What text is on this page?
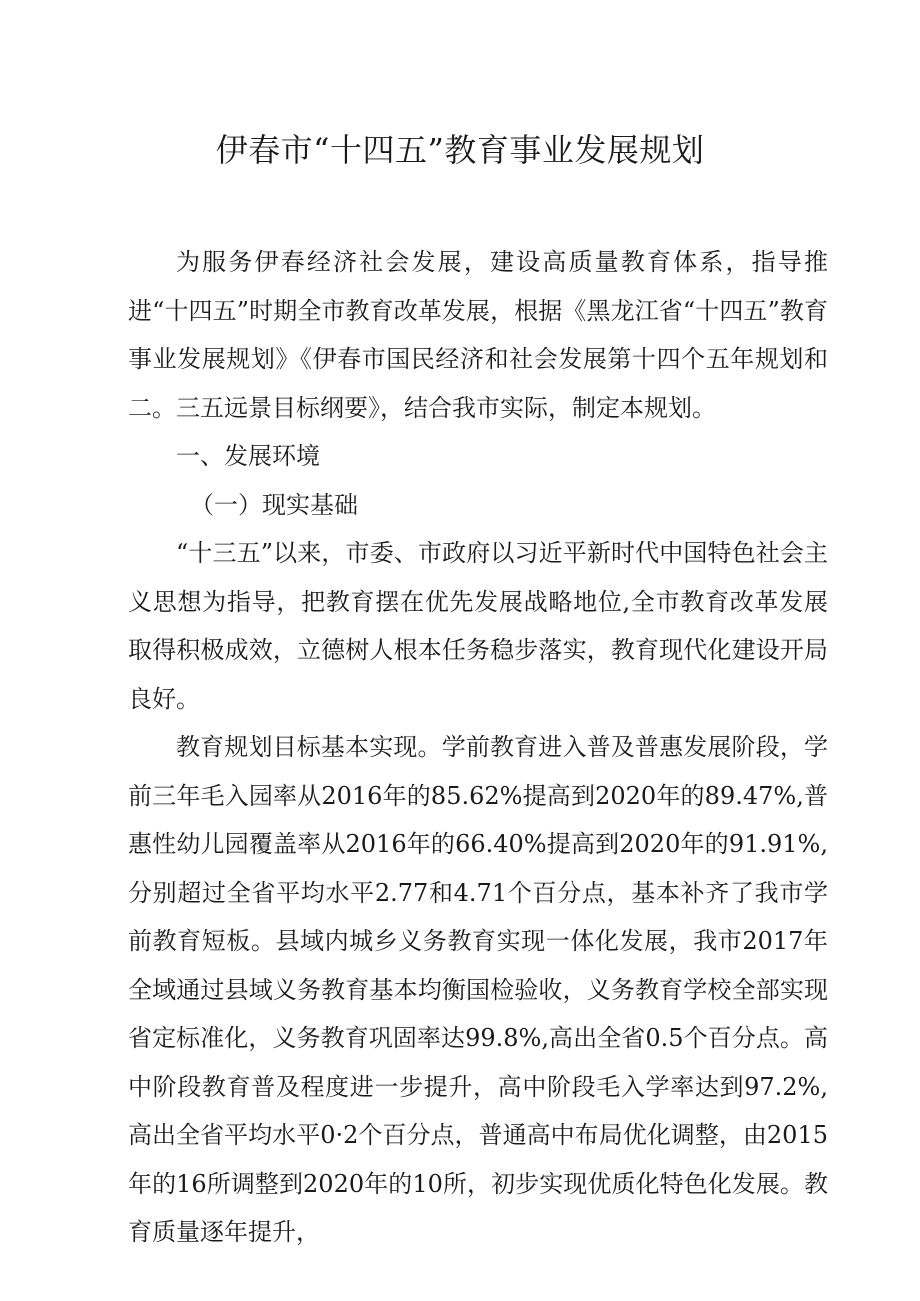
伊春市“十四五”教育事业发展规划

为服务伊春经济社会发展，建设高质量教育体系，指导推进“十四五”时期全市教育改革发展，根据《黑龙江省“十四五”教育事业发展规划》《伊春市国民经济和社会发展第十四个五年规划和二。三五远景目标纲要》，结合我市实际，制定本规划。

一、发展环境

（一）现实基础

“十三五”以来，市委、市政府以习近平新时代中国特色社会主义思想为指导，把教育摆在优先发展战略地位,全市教育改革发展取得积极成效，立德树人根本任务稳步落实，教育现代化建设开局良好。

教育规划目标基本实现。学前教育进入普及普惠发展阶段，学前三年毛入园率从2016年的85.62%提高到2020年的89.47%,普惠性幼儿园覆盖率从2016年的66.40%提高到2020年的91.91%,分别超过全省平均水平2.77和4.71个百分点，基本补齐了我市学前教育短板。县域内城乡义务教育实现一体化发展，我市2017年全域通过县域义务教育基本均衡国检验收，义务教育学校全部实现省定标准化，义务教育巩固率达99.8%,高出全省0.5个百分点。高中阶段教育普及程度进一步提升，高中阶段毛入学率达到97.2%,高出全省平均水平0·2个百分点，普通高中布局优化调整，由2015年的16所调整到2020年的10所，初步实现优质化特色化发展。教育质量逐年提升，
